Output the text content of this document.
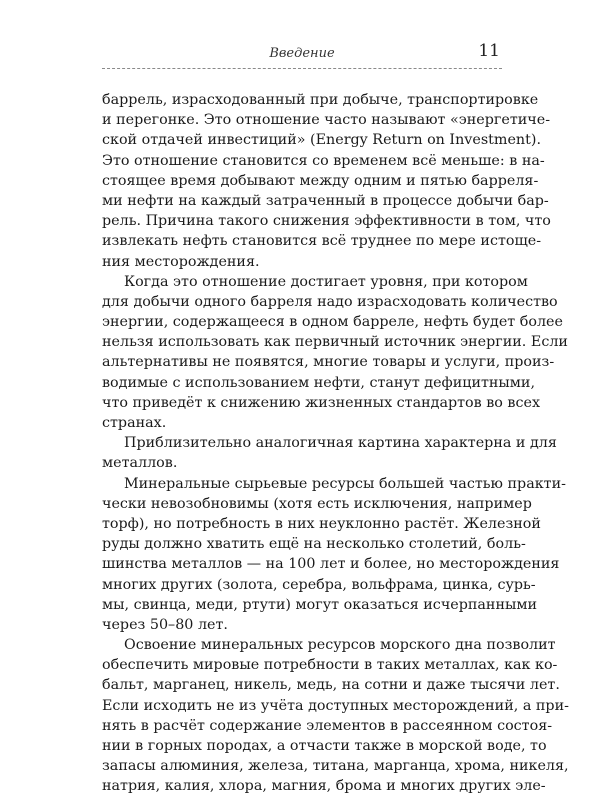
Введение	11
баррель, израсходованный при добыче, транспортировке
и перегонке. Это отношение часто называют «энергетиче-
ской отдачей инвестиций» (Energy Return on Investment).
Это отношение становится со временем всё меньше: в на-
стоящее время добывают между одним и пятью барреля-
ми нефти на каждый затраченный в процессе добычи бар-
рель. Причина такого снижения эффективности в том, что
извлекать нефть становится всё труднее по мере истоще-
ния месторождения.
Когда это отношение достигает уровня, при котором
для добычи одного барреля надо израсходовать количество
энергии, содержащееся в одном барреле, нефть будет более
нельзя использовать как первичный источник энергии. Если
альтернативы не появятся, многие товары и услуги, произ-
водимые с использованием нефти, станут дефицитными,
что приведёт к снижению жизненных стандартов во всех
странах.
Приблизительно аналогичная картина характерна и для
металлов.
Минеральные сырьевые ресурсы большей частью практи-
чески невозобновимы (хотя есть исключения, например
торф), но потребность в них неуклонно растёт. Железной
руды должно хватить ещё на несколько столетий, боль-
шинства металлов — на 100 лет и более, но месторождения
многих других (золота, серебра, вольфрама, цинка, сурь-
мы, свинца, меди, ртути) могут оказаться исчерпанными
через 50–80 лет.
Освоение минеральных ресурсов морского дна позволит
обеспечить мировые потребности в таких металлах, как ко-
бальт, марганец, никель, медь, на сотни и даже тысячи лет.
Если исходить не из учёта доступных месторождений, а при-
нять в расчёт содержание элементов в рассеянном состоя-
нии в горных породах, а отчасти также в морской воде, то
запасы алюминия, железа, титана, марганца, хрома, никеля,
натрия, калия, хлора, магния, брома и многих других эле-
